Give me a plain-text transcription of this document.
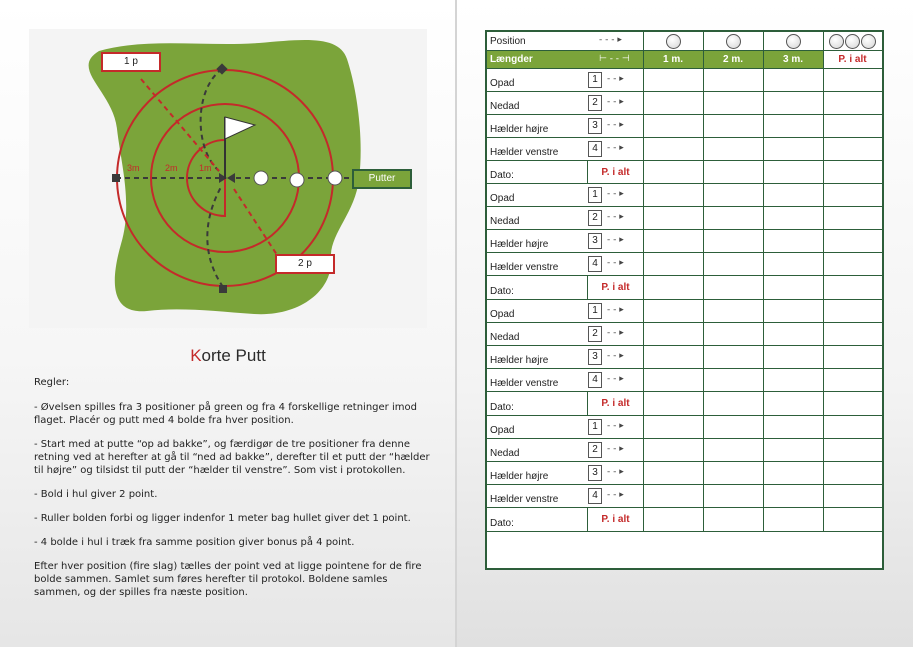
1 p
2 p
Putter
3m	2m 1m
Korte Putt

Regler:

- Øvelsen spilles fra 3 positioner på green og fra 4 forskellige retninger imod flaget. Placér og putt med 4 bolde fra hver position.

- Start med at putte “op ad bakke”, og færdigør de tre positioner fra denne retning ved at herefter at gå til “ned ad bakke”, derefter til et putt der “hælder til højre” og tilsidst til putt der “hælder til venstre”. Som vist i protokollen.

- Bold i hul giver 2 point.

- Ruller bolden forbi og ligger indenfor 1 meter bag hullet giver det 1 point.

- 4 bolde i hul i træk fra samme position giver bonus på 4 point.

Efter hver position (fire slag) tælles der point ved at ligge pointene for de fire bolde sammen. Samlet sum føres herefter til protokol. Boldene samles sammen, og der spilles fra næste position.

Position	- - - ▸
Længder	⊢ - - ⊣	1 m.	2 m.	3 m.	P. i alt
Opad	1	- - ▸
Nedad	2	- - ▸
Hælder højre	3	- - ▸
Hælder venstre	4	- - ▸
Dato:	P. i alt
Opad	1	- - ▸
Nedad	2	- - ▸
Hælder højre	3	- - ▸
Hælder venstre	4	- - ▸
Dato:	P. i alt
Opad	1	- - ▸
Nedad	2	- - ▸
Hælder højre	3	- - ▸
Hælder venstre	4	- - ▸
Dato:	P. i alt
Opad	1	- - ▸
Nedad	2	- - ▸
Hælder højre	3	- - ▸
Hælder venstre	4	- - ▸
Dato:	P. i alt
